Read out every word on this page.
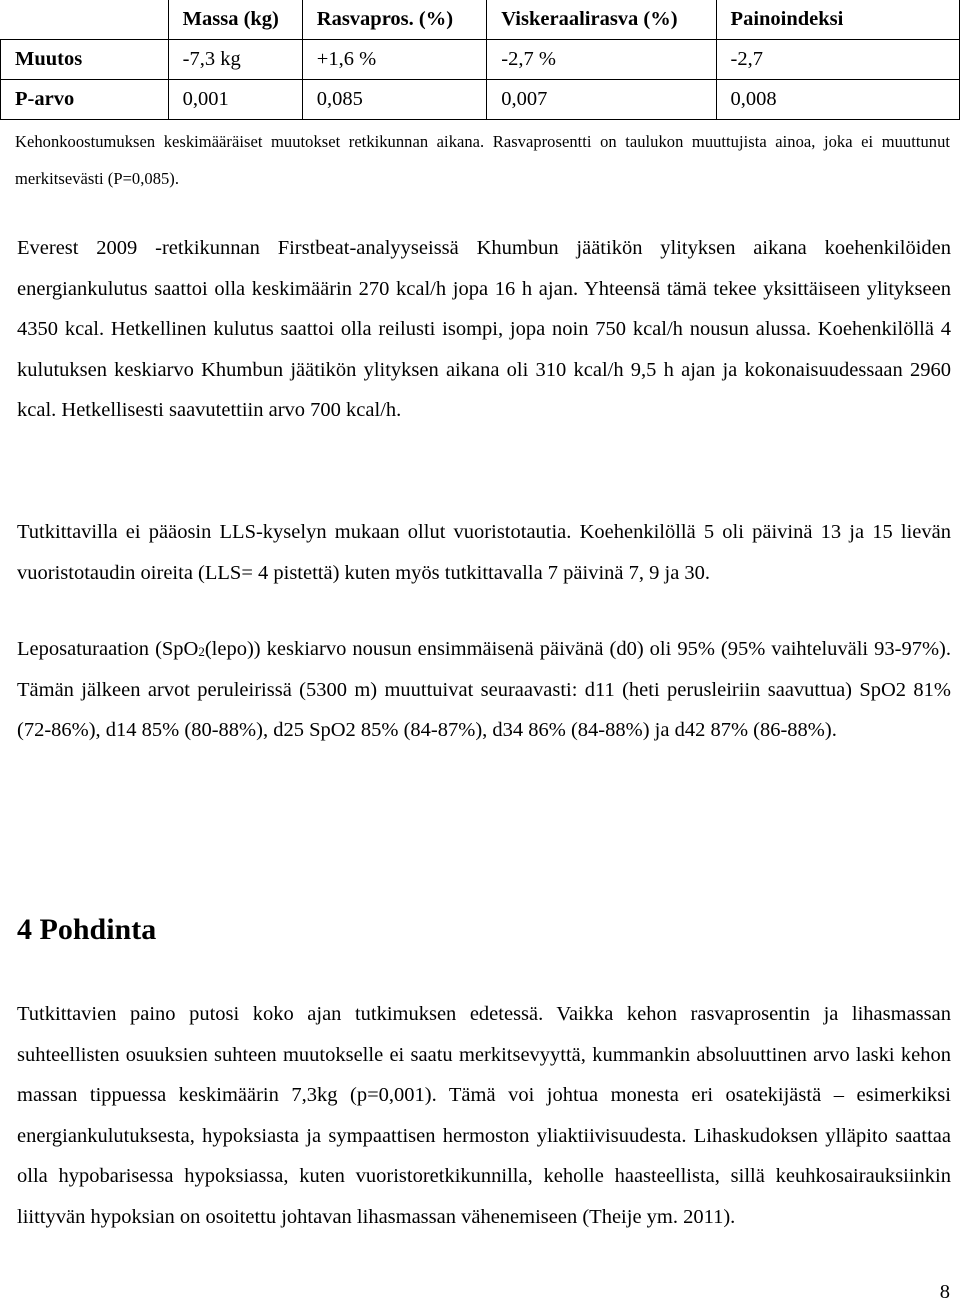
	Massa (kg)	Rasvapros. (%)	Viskeraalirasva (%)	Painoindeksi
Muutos	-7,3 kg	+1,6 %	-2,7 %	-2,7
P-arvo	0,001	0,085	0,007	0,008
Kehonkoostumuksen keskimääräiset muutokset retkikunnan aikana. Rasvaprosentti on taulukon muuttujista ainoa, joka ei muuttunut merkitsevästi (P=0,085).

Everest 2009 -retkikunnan Firstbeat-analyyseissä Khumbun jäätikön ylityksen aikana koehenkilöiden energiankulutus saattoi olla keskimäärin 270 kcal/h jopa 16 h ajan. Yhteensä tämä tekee yksittäiseen ylitykseen 4350 kcal. Hetkellinen kulutus saattoi olla reilusti isompi, jopa noin 750 kcal/h nousun alussa. Koehenkilöllä 4 kulutuksen keskiarvo Khumbun jäätikön ylityksen aikana oli 310 kcal/h 9,5 h ajan ja kokonaisuudessaan 2960 kcal. Hetkellisesti saavutettiin arvo 700 kcal/h.

Tutkittavilla ei pääosin LLS-kyselyn mukaan ollut vuoristotautia. Koehenkilöllä 5 oli päivinä 13 ja 15 lievän vuoristotaudin oireita (LLS= 4 pistettä) kuten myös tutkittavalla 7 päivinä 7, 9 ja 30.

Leposaturaation (SpO$_2$(lepo)) keskiarvo nousun ensimmäisenä päivänä (d0) oli 95% (95% vaihteluväli 93-97%). Tämän jälkeen arvot peruleirissä (5300 m) muuttuivat seuraavasti: d11 (heti perusleiriin saavuttua) SpO2 81% (72-86%), d14 85% (80-88%), d25 SpO2 85% (84-87%), d34 86% (84-88%) ja d42 87% (86-88%).

4 Pohdinta

Tutkittavien paino putosi koko ajan tutkimuksen edetessä. Vaikka kehon rasvaprosentin ja lihasmassan suhteellisten osuuksien suhteen muutokselle ei saatu merkitsevyyttä, kummankin absoluuttinen arvo laski kehon massan tippuessa keskimäärin 7,3kg (p=0,001). Tämä voi johtua monesta eri osatekijästä – esimerkiksi energiankulutuksesta, hypoksiasta ja sympaattisen hermoston yliaktiivisuudesta. Lihaskudoksen ylläpito saattaa olla hypobarisessa hypoksiassa, kuten vuoristoretkikunnilla, keholle haasteellista, sillä keuhkosairauksiinkin liittyvän hypoksian on osoitettu johtavan lihasmassan vähenemiseen (Theije ym. 2011).

8
